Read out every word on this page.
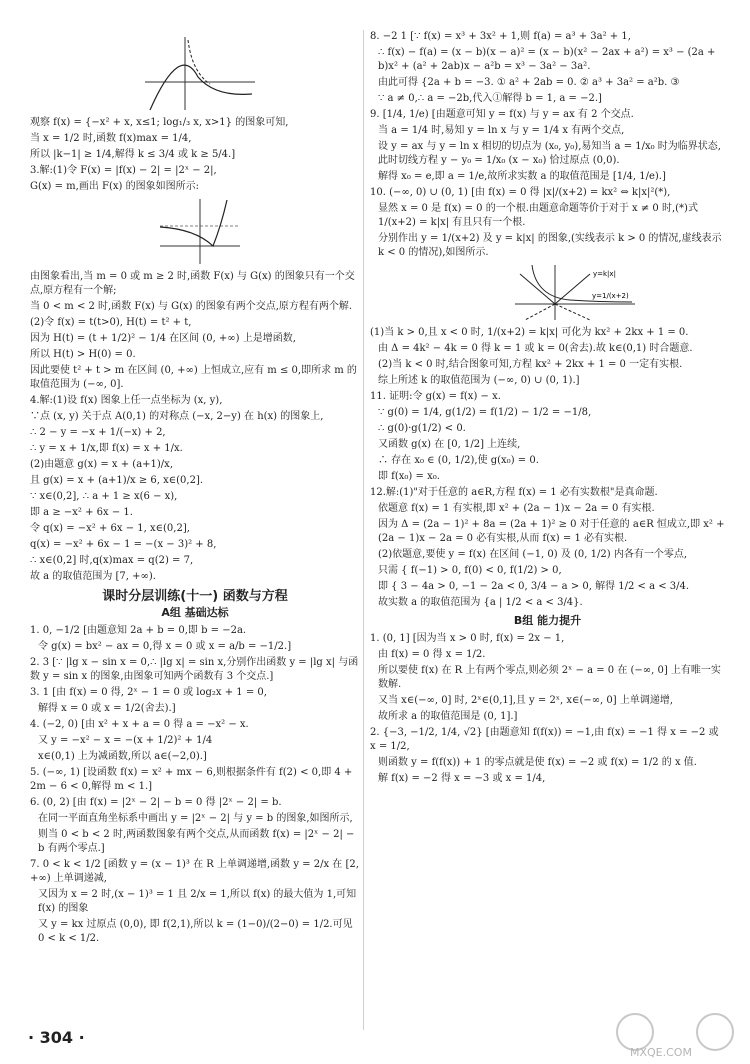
观察 f(x) = {−x² + x, x≤1; log₁/₃ x, x>1} 的图象可知,

当 x = 1/2 时,函数 f(x)max = 1/4,

所以 |k−1| ≥ 1/4,解得 k ≤ 3/4 或 k ≥ 5/4.]

3.解:(1)令 F(x) = |f(x) − 2| = |2ˣ − 2|,

G(x) = m,画出 F(x) 的图象如图所示:

由图象看出,当 m = 0 或 m ≥ 2 时,函数 F(x) 与 G(x) 的图象只有一个交点,原方程有一个解;

当 0 < m < 2 时,函数 F(x) 与 G(x) 的图象有两个交点,原方程有两个解.

(2)令 f(x) = t(t>0), H(t) = t² + t,

因为 H(t) = (t + 1/2)² − 1/4 在区间 (0, +∞) 上是增函数,

所以 H(t) > H(0) = 0.

因此要使 t² + t > m 在区间 (0, +∞) 上恒成立,应有 m ≤ 0,即所求 m 的取值范围为 (−∞, 0].

4.解:(1)设 f(x) 图象上任一点坐标为 (x, y),

∵点 (x, y) 关于点 A(0,1) 的对称点 (−x, 2−y) 在 h(x) 的图象上,

∴ 2 − y = −x + 1/(−x) + 2,

∴ y = x + 1/x,即 f(x) = x + 1/x.

(2)由题意 g(x) = x + (a+1)/x,

且 g(x) = x + (a+1)/x ≥ 6, x∈(0,2].

∵ x∈(0,2], ∴ a + 1 ≥ x(6 − x),

即 a ≥ −x² + 6x − 1.

令 q(x) = −x² + 6x − 1, x∈(0,2],

q(x) = −x² + 6x − 1 = −(x − 3)² + 8,

∴ x∈(0,2] 时,q(x)max = q(2) = 7,

故 a 的取值范围为 [7, +∞).

课时分层训练(十一) 函数与方程
A组 基础达标

1. 0, −1/2 [由题意知 2a + b = 0,即 b = −2a.

令 g(x) = bx² − ax = 0,得 x = 0 或 x = a/b = −1/2.]

2. 3 [∵ |lg x − sin x = 0,∴ |lg x| = sin x,分别作出函数 y = |lg x| 与函数 y = sin x 的图象,由图象可知两个函数有 3 个交点.]

3. 1 [由 f(x) = 0 得, 2ˣ − 1 = 0 或 log₂x + 1 = 0,

解得 x = 0 或 x = 1/2(舍去).]

4. (−2, 0) [由 x² + x + a = 0 得 a = −x² − x.

又 y = −x² − x = −(x + 1/2)² + 1/4

x∈(0,1) 上为减函数,所以 a∈(−2,0).]

5. (−∞, 1) [设函数 f(x) = x² + mx − 6,则根据条件有 f(2) < 0,即 4 + 2m − 6 < 0,解得 m < 1.]

6. (0, 2) [由 f(x) = |2ˣ − 2| − b = 0 得 |2ˣ − 2| = b.

在同一平面直角坐标系中画出 y = |2ˣ − 2| 与 y = b 的图象,如图所示,

则当 0 < b < 2 时,两函数图象有两个交点,从而函数 f(x) = |2ˣ − 2| − b 有两个零点.]

7. 0 < k < 1/2 [函数 y = (x − 1)³ 在 R 上单调递增,函数 y = 2/x 在 [2, +∞) 上单调递减,

又因为 x = 2 时,(x − 1)³ = 1 且 2/x = 1,所以 f(x) 的最大值为 1,可知 f(x) 的图象

又 y = kx 过原点 (0,0), 即 f(2,1),所以 k = (1−0)/(2−0) = 1/2.可见 0 < k < 1/2.

8. −2 1 [∵ f(x) = x³ + 3x² + 1,则 f(a) = a³ + 3a² + 1,

∴ f(x) − f(a) = (x − b)(x − a)² = (x − b)(x² − 2ax + a²) = x³ − (2a + b)x² + (a² + 2ab)x − a²b = x³ − 3a² − 3a².

由此可得 {2a + b = −3. ① a² + 2ab = 0. ② a³ + 3a² = a²b. ③

∵ a ≠ 0,∴ a = −2b,代入①解得 b = 1, a = −2.]

9. [1/4, 1/e) [由题意可知 y = f(x) 与 y = ax 有 2 个交点.

当 a = 1/4 时,易知 y = ln x 与 y = 1/4 x 有两个交点,

设 y = ax 与 y = ln x 相切的切点为 (x₀, y₀),易知当 a = 1/x₀ 时为临界状态,此时切线方程 y − y₀ = 1/x₀ (x − x₀) 恰过原点 (0,0).

解得 x₀ = e,即 a = 1/e,故所求实数 a 的取值范围是 [1/4, 1/e).]

10. (−∞, 0) ∪ (0, 1) [由 f(x) = 0 得 |x|/(x+2) = kx² ⇔ k|x|²(*),

显然 x = 0 是 f(x) = 0 的一个根.由题意命题等价于对于 x ≠ 0 时,(*)式 1/(x+2) = k|x| 有且只有一个根.

分别作出 y = 1/(x+2) 及 y = k|x| 的图象,(实线表示 k > 0 的情况,虚线表示 k < 0 的情况),如图所示.

y=k|x|
y=1/(x+2)

(1)当 k > 0,且 x < 0 时, 1/(x+2) = k|x| 可化为 kx² + 2kx + 1 = 0.

由 Δ = 4k² − 4k = 0 得 k = 1 或 k = 0(舍去).故 k∈(0,1) 时合题意.

(2)当 k < 0 时,结合图象可知,方程 kx² + 2kx + 1 = 0 一定有实根.

综上所述 k 的取值范围为 (−∞, 0) ∪ (0, 1).]

11. 证明:令 g(x) = f(x) − x.

∵ g(0) = 1/4, g(1/2) = f(1/2) − 1/2 = −1/8,

∴ g(0)·g(1/2) < 0.

又函数 g(x) 在 [0, 1/2] 上连续,

∴ 存在 x₀ ∈ (0, 1/2),使 g(x₀) = 0.

即 f(x₀) = x₀.

12.解:(1)"对于任意的 a∈R,方程 f(x) = 1 必有实数根"是真命题.

依题意 f(x) = 1 有实根,即 x² + (2a − 1)x − 2a = 0 有实根.

因为 Δ = (2a − 1)² + 8a = (2a + 1)² ≥ 0 对于任意的 a∈R 恒成立,即 x² + (2a − 1)x − 2a = 0 必有实根,从而 f(x) = 1 必有实根.

(2)依题意,要使 y = f(x) 在区间 (−1, 0) 及 (0, 1/2) 内各有一个零点,

只需 { f(−1) > 0, f(0) < 0, f(1/2) > 0,

即 { 3 − 4a > 0, −1 − 2a < 0, 3/4 − a > 0, 解得 1/2 < a < 3/4.

故实数 a 的取值范围为 {a | 1/2 < a < 3/4}.

B组 能力提升

1. (0, 1] [因为当 x > 0 时, f(x) = 2x − 1,

由 f(x) = 0 得 x = 1/2.

所以要使 f(x) 在 R 上有两个零点,则必须 2ˣ − a = 0 在 (−∞, 0] 上有唯一实数解.

又当 x∈(−∞, 0] 时, 2ˣ∈(0,1],且 y = 2ˣ, x∈(−∞, 0] 上单调递增,

故所求 a 的取值范围是 (0, 1].]

2. {−3, −1/2, 1/4, √2} [由题意知 f(f(x)) = −1,由 f(x) = −1 得 x = −2 或 x = 1/2,

则函数 y = f(f(x)) + 1 的零点就是使 f(x) = −2 或 f(x) = 1/2 的 x 值.

解 f(x) = −2 得 x = −3 或 x = 1/4,

· 304 ·
MXQE.COM
